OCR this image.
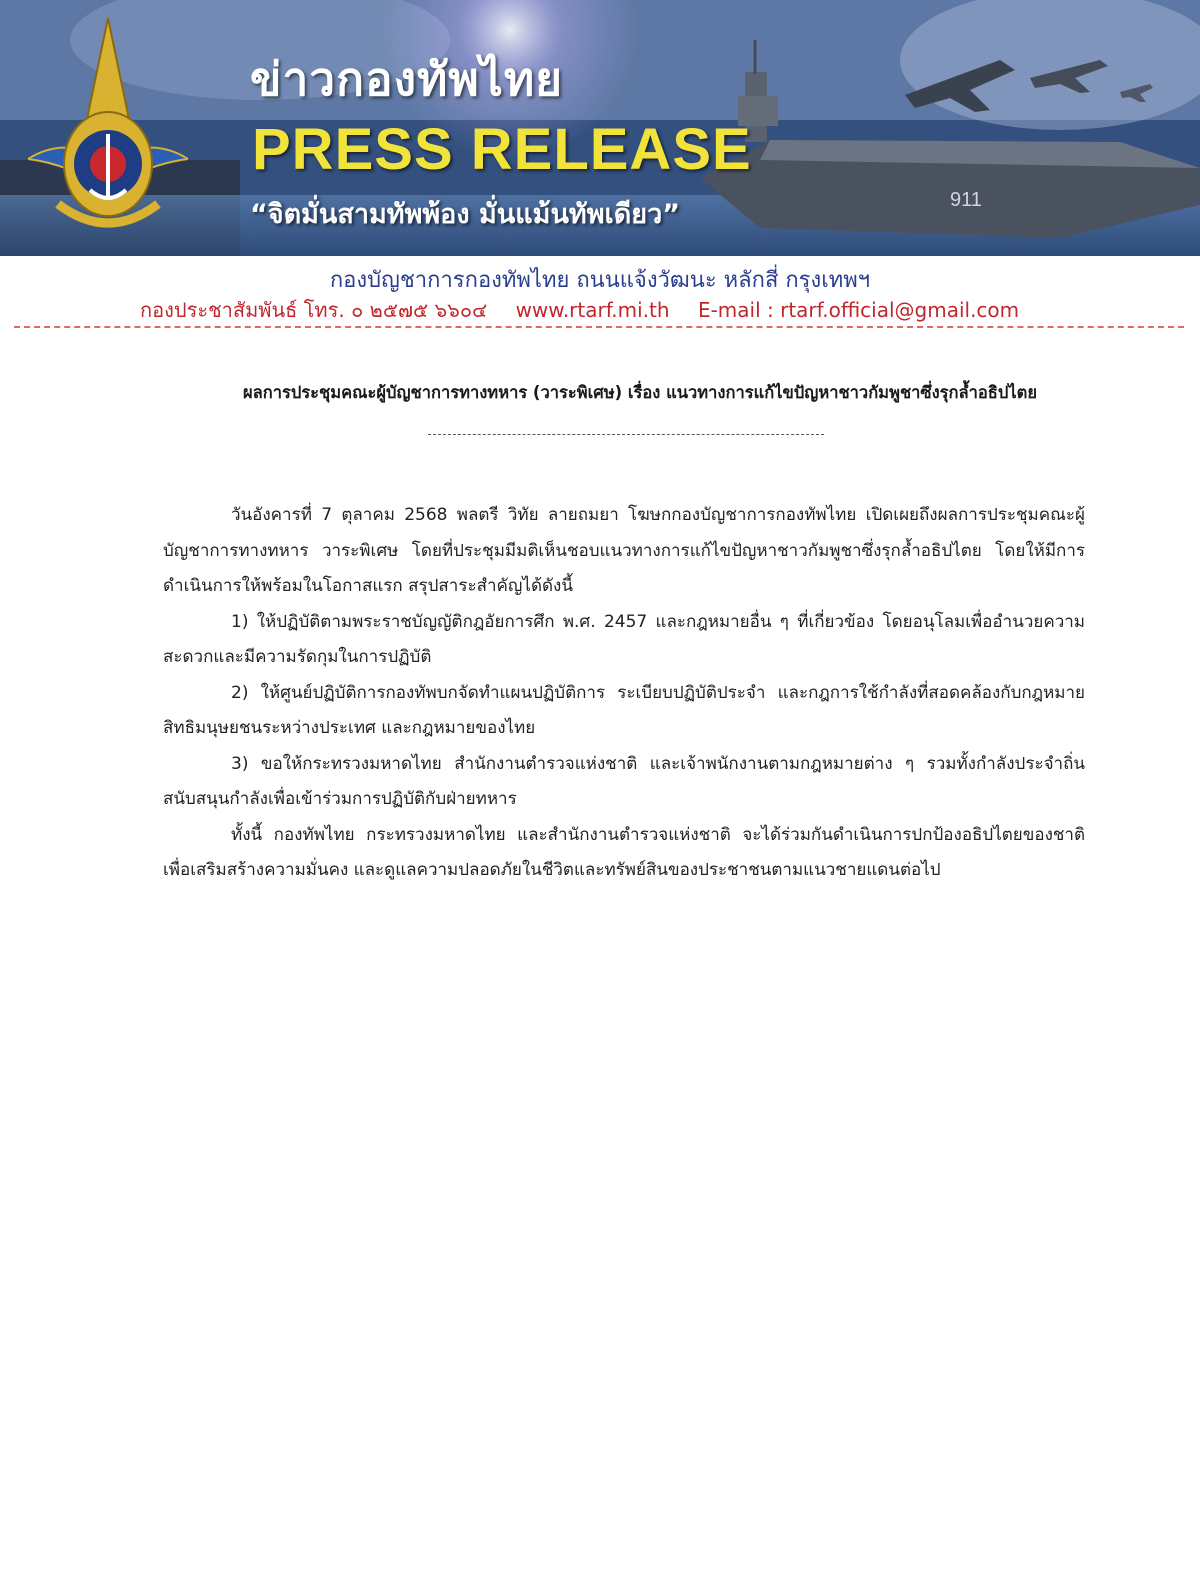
911
ข่าวกองทัพไทย
PRESS RELEASE
“จิตมั่นสามทัพพ้อง มั่นแม้นทัพเดียว”
กองบัญชาการกองทัพไทย ถนนแจ้งวัฒนะ หลักสี่ กรุงเทพฯ
กองประชาสัมพันธ์ โทร. ๐ ๒๕๗๕ ๖๖๐๔ www.rtarf.mi.th E-mail : rtarf.official@gmail.com
ผลการประชุมคณะผู้บัญชาการทางทหาร (วาระพิเศษ) เรื่อง แนวทางการแก้ไขปัญหาชาวกัมพูชาซึ่งรุกล้ำอธิปไตย

วันอังคารที่ 7 ตุลาคม 2568 พลตรี วิทัย ลายถมยา โฆษกกองบัญชาการกองทัพไทย เปิดเผยถึงผลการประชุมคณะผู้บัญชาการทางทหาร วาระพิเศษ โดยที่ประชุมมีมติเห็นชอบแนวทางการแก้ไขปัญหาชาวกัมพูชาซึ่งรุกล้ำอธิปไตย โดยให้มีการดำเนินการให้พร้อมในโอกาสแรก สรุปสาระสำคัญได้ดังนี้

1) ให้ปฏิบัติตามพระราชบัญญัติกฎอัยการศึก พ.ศ. 2457 และกฎหมายอื่น ๆ ที่เกี่ยวข้อง โดยอนุโลมเพื่ออำนวยความสะดวกและมีความรัดกุมในการปฏิบัติ

2) ให้ศูนย์ปฏิบัติการกองทัพบกจัดทำแผนปฏิบัติการ ระเบียบปฏิบัติประจำ และกฎการใช้กำลังที่สอดคล้องกับกฎหมายสิทธิมนุษยชนระหว่างประเทศ และกฎหมายของไทย

3) ขอให้กระทรวงมหาดไทย สำนักงานตำรวจแห่งชาติ และเจ้าพนักงานตามกฎหมายต่าง ๆ รวมทั้งกำลังประจำถิ่น สนับสนุนกำลังเพื่อเข้าร่วมการปฏิบัติกับฝ่ายทหาร

ทั้งนี้ กองทัพไทย กระทรวงมหาดไทย และสำนักงานตำรวจแห่งชาติ จะได้ร่วมกันดำเนินการปกป้องอธิปไตยของชาติ เพื่อเสริมสร้างความมั่นคง และดูแลความปลอดภัยในชีวิตและทรัพย์สินของประชาชนตามแนวชายแดนต่อไป
